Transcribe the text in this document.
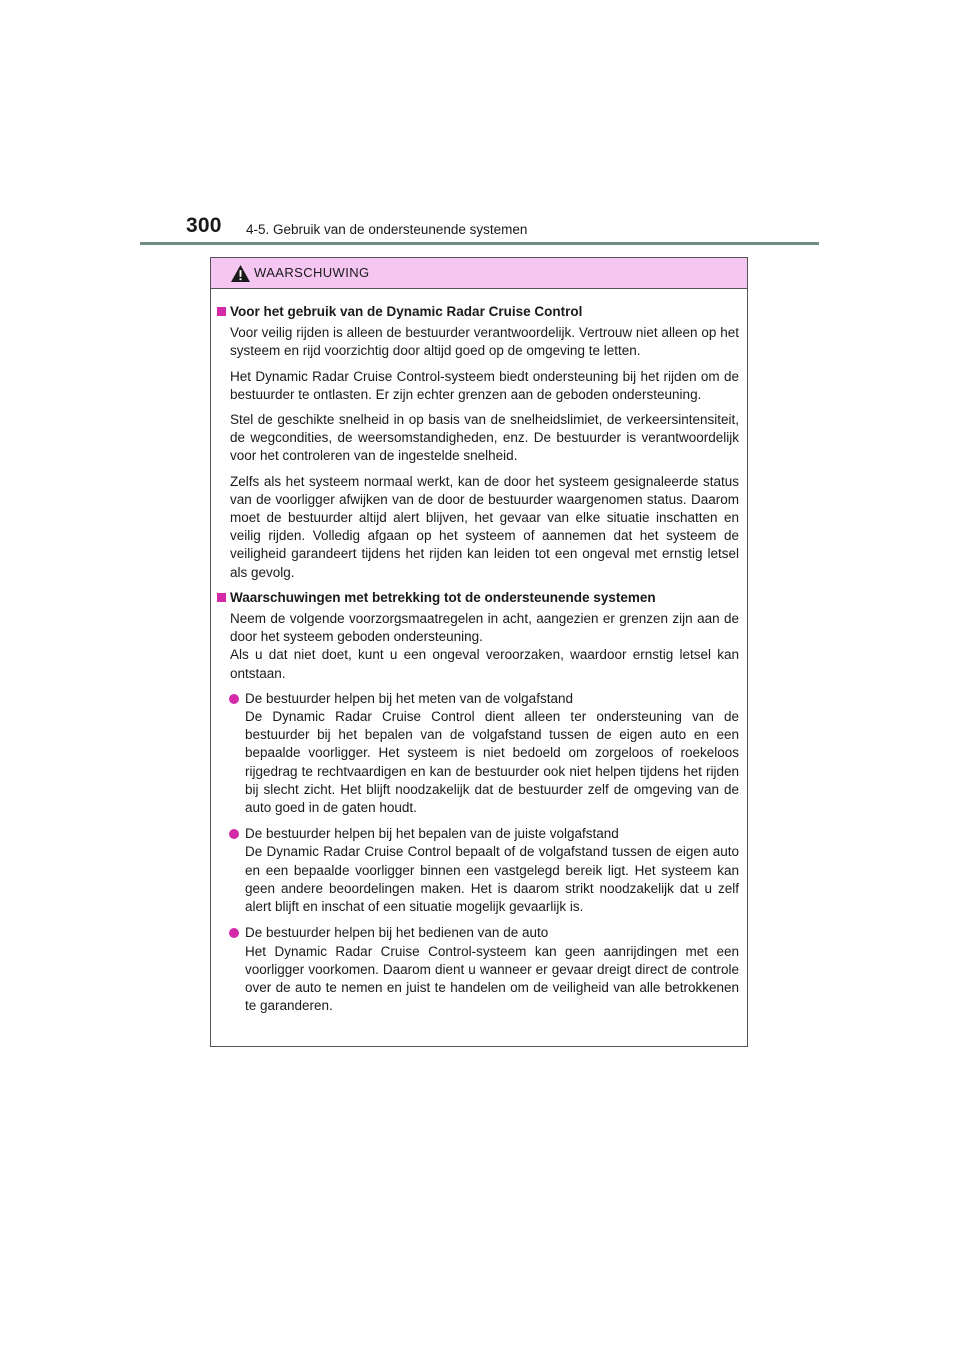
300 4-5. Gebruik van de ondersteunende systemen
WAARSCHUWING
Voor het gebruik van de Dynamic Radar Cruise Control

Voor veilig rijden is alleen de bestuurder verantwoordelijk. Vertrouw niet alleen op het systeem en rijd voorzichtig door altijd goed op de omgeving te letten.

Het Dynamic Radar Cruise Control-systeem biedt ondersteuning bij het rijden om de bestuurder te ontlasten. Er zijn echter grenzen aan de geboden ondersteuning.

Stel de geschikte snelheid in op basis van de snelheidslimiet, de verkeersintensiteit, de wegcondities, de weersomstandigheden, enz. De bestuurder is verantwoordelijk voor het controleren van de ingestelde snelheid.

Zelfs als het systeem normaal werkt, kan de door het systeem gesignaleerde status van de voorligger afwijken van de door de bestuurder waargenomen status. Daarom moet de bestuurder altijd alert blijven, het gevaar van elke situatie inschatten en veilig rijden. Volledig afgaan op het systeem of aannemen dat het systeem de veiligheid garandeert tijdens het rijden kan leiden tot een ongeval met ernstig letsel als gevolg.

Waarschuwingen met betrekking tot de ondersteunende systemen

Neem de volgende voorzorgsmaatregelen in acht, aangezien er grenzen zijn aan de door het systeem geboden ondersteuning.
Als u dat niet doet, kunt u een ongeval veroorzaken, waardoor ernstig letsel kan ontstaan.

De bestuurder helpen bij het meten van de volgafstand
De Dynamic Radar Cruise Control dient alleen ter ondersteuning van de bestuurder bij het bepalen van de volgafstand tussen de eigen auto en een bepaalde voorligger. Het systeem is niet bedoeld om zorgeloos of roekeloos rijgedrag te rechtvaardigen en kan de bestuurder ook niet helpen tijdens het rijden bij slecht zicht. Het blijft noodzakelijk dat de bestuurder zelf de omgeving van de auto goed in de gaten houdt.
De bestuurder helpen bij het bepalen van de juiste volgafstand
De Dynamic Radar Cruise Control bepaalt of de volgafstand tussen de eigen auto en een bepaalde voorligger binnen een vastgelegd bereik ligt. Het systeem kan geen andere beoordelingen maken. Het is daarom strikt noodzakelijk dat u zelf alert blijft en inschat of een situatie mogelijk gevaarlijk is.
De bestuurder helpen bij het bedienen van de auto
Het Dynamic Radar Cruise Control-systeem kan geen aanrijdingen met een voorligger voorkomen. Daarom dient u wanneer er gevaar dreigt direct de controle over de auto te nemen en juist te handelen om de veiligheid van alle betrokkenen te garanderen.
